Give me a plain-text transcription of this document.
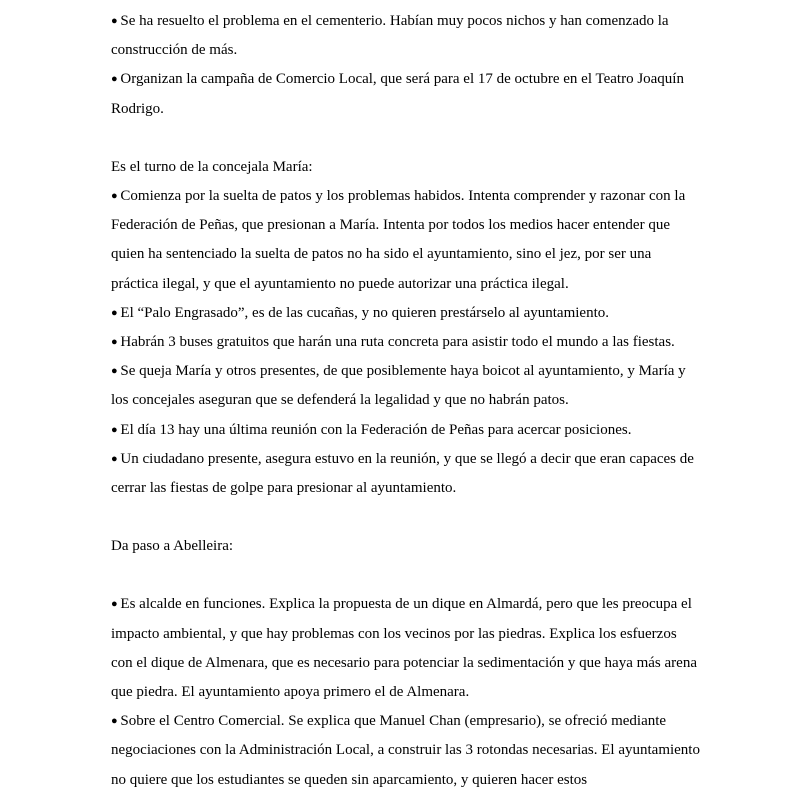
● Se ha resuelto el problema en el cementerio. Habían muy pocos nichos y han comenzado la construcción de más.

● Organizan la campaña de Comercio Local, que será para el 17 de octubre en el Teatro Joaquín Rodrigo.

Es el turno de la concejala María:

● Comienza por la suelta de patos y los problemas habidos. Intenta comprender y razonar con la Federación de Peñas, que presionan a María. Intenta por todos los medios hacer entender que quien ha sentenciado la suelta de patos no ha sido el ayuntamiento, sino el jez, por ser una práctica ilegal, y que el ayuntamiento no puede autorizar una práctica ilegal.

● El “Palo Engrasado”, es de las cucañas, y no quieren prestárselo al ayuntamiento.

● Habrán 3 buses gratuitos que harán una ruta concreta para asistir todo el mundo a las fiestas.

● Se queja María y otros presentes, de que posiblemente haya boicot al ayuntamiento, y María y los concejales aseguran que se defenderá la legalidad y que no habrán patos.

● El día 13 hay una última reunión con la Federación de Peñas para acercar posiciones.

● Un ciudadano presente, asegura estuvo en la reunión, y que se llegó a decir que eran capaces de cerrar las fiestas de golpe para presionar al ayuntamiento.

Da paso a Abelleira:

● Es alcalde en funciones. Explica la propuesta de un dique en Almardá, pero que les preocupa el impacto ambiental, y que hay problemas con los vecinos por las piedras. Explica los esfuerzos con el dique de Almenara, que es necesario para potenciar la sedimentación y que haya más arena que piedra. El ayuntamiento apoya primero el de Almenara.

● Sobre el Centro Comercial. Se explica que Manuel Chan (empresario), se ofreció mediante negociaciones con la Administración Local, a construir las 3 rotondas necesarias. El ayuntamiento no quiere que los estudiantes se queden sin aparcamiento, y quieren hacer estos
